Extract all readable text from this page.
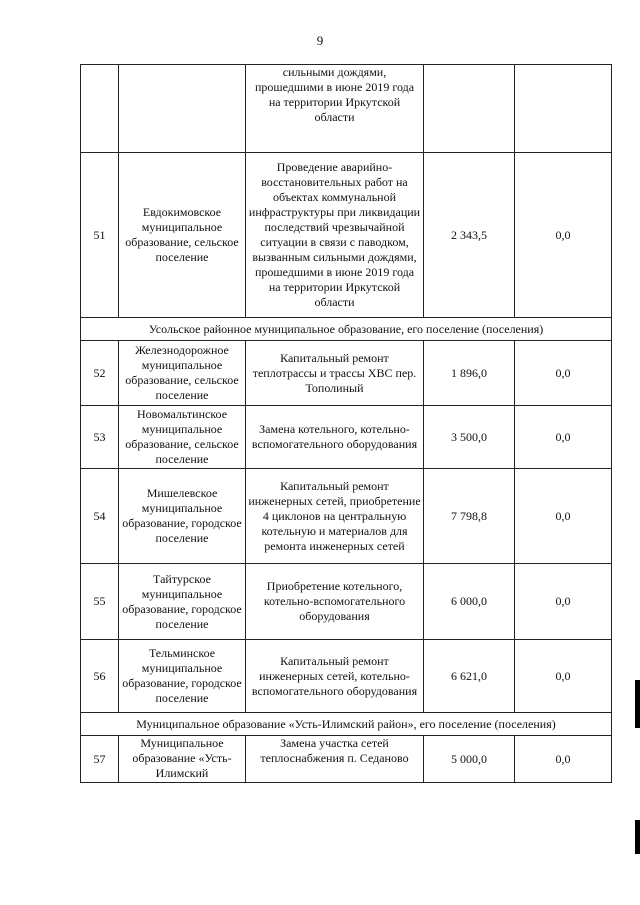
9
		сильными дождями, прошедшими в июне 2019 года на территории Иркутской области		
51	Евдокимовское муниципальное образование, сельское поселение	Проведение аварийно-восстановительных работ на объектах коммунальной инфраструктуры при ликвидации последствий чрезвычайной ситуации в связи с паводком, вызванным сильными дождями, прошедшими в июне 2019 года на территории Иркутской области	2 343,5	0,0
Усольское районное муниципальное образование, его поселение (поселения)				
52	Железнодорожное муниципальное образование, сельское поселение	Капитальный ремонт теплотрассы и трассы ХВС пер. Тополиный	1 896,0	0,0
53	Новомальтинское муниципальное образование, сельское поселение	Замена котельного, котельно-вспомогательного оборудования	3 500,0	0,0
54	Мишелевское муниципальное образование, городское поселение	Капитальный ремонт инженерных сетей, приобретение 4 циклонов на центральную котельную и материалов для ремонта инженерных сетей	7 798,8	0,0
55	Тайтурское муниципальное образование, городское поселение	Приобретение котельного, котельно-вспомогательного оборудования	6 000,0	0,0
56	Тельминское муниципальное образование, городское поселение	Капитальный ремонт инженерных сетей, котельно-вспомогательного оборудования	6 621,0	0,0
Муниципальное образование «Усть-Илимский район», его поселение (поселения)				
57	Муниципальное образование «Усть-Илимский	Замена участка сетей теплоснабжения п. Седаново	5 000,0	0,0
